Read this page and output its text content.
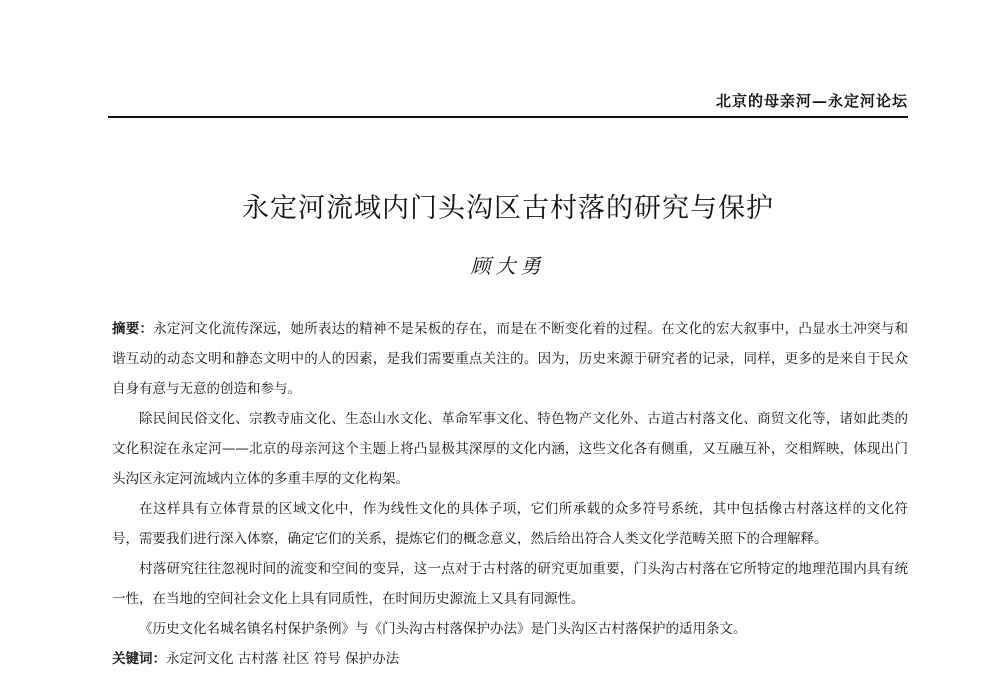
北京的母亲河—永定河论坛
永定河流域内门头沟区古村落的研究与保护
顾大勇

摘要：永定河文化流传深远，她所表达的精神不是呆板的存在，而是在不断变化着的过程。在文化的宏大叙事中，凸显水土冲突与和谐互动的动态文明和静态文明中的人的因素，是我们需要重点关注的。因为，历史来源于研究者的记录，同样，更多的是来自于民众自身有意与无意的创造和参与。

除民间民俗文化、宗教寺庙文化、生态山水文化、革命军事文化、特色物产文化外、古道古村落文化、商贸文化等，诸如此类的文化积淀在永定河——北京的母亲河这个主题上将凸显极其深厚的文化内涵，这些文化各有侧重，又互融互补，交相辉映，体现出门头沟区永定河流域内立体的多重丰厚的文化构架。

在这样具有立体背景的区域文化中，作为线性文化的具体子项，它们所承载的众多符号系统，其中包括像古村落这样的文化符号，需要我们进行深入体察，确定它们的关系，提炼它们的概念意义，然后给出符合人类文化学范畴关照下的合理解释。

村落研究往往忽视时间的流变和空间的变异，这一点对于古村落的研究更加重要，门头沟古村落在它所特定的地理范围内具有统一性，在当地的空间社会文化上具有同质性，在时间历史源流上又具有同源性。

《历史文化名城名镇名村保护条例》与《门头沟古村落保护办法》是门头沟区古村落保护的适用条文。

关键词：永定河文化 古村落 社区 符号 保护办法
